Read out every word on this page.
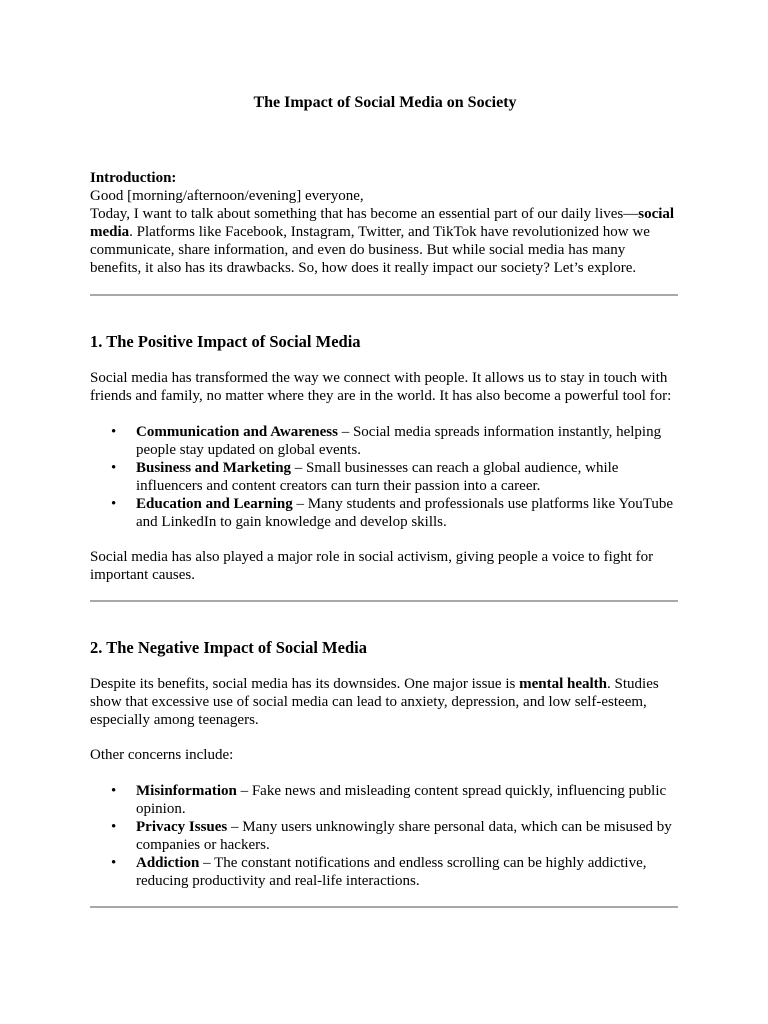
The Impact of Social Media on Society
Introduction:
Good [morning/afternoon/evening] everyone,
Today, I want to talk about something that has become an essential part of our daily lives—social media. Platforms like Facebook, Instagram, Twitter, and TikTok have revolutionized how we communicate, share information, and even do business. But while social media has many benefits, it also has its drawbacks. So, how does it really impact our society? Let’s explore.
1. The Positive Impact of Social Media

Social media has transformed the way we connect with people. It allows us to stay in touch with friends and family, no matter where they are in the world. It has also become a powerful tool for:

• Communication and Awareness – Social media spreads information instantly, helping people stay updated on global events.
• Business and Marketing – Small businesses can reach a global audience, while influencers and content creators can turn their passion into a career.
• Education and Learning – Many students and professionals use platforms like YouTube and LinkedIn to gain knowledge and develop skills.

Social media has also played a major role in social activism, giving people a voice to fight for important causes.

2. The Negative Impact of Social Media

Despite its benefits, social media has its downsides. One major issue is mental health. Studies show that excessive use of social media can lead to anxiety, depression, and low self-esteem, especially among teenagers.

Other concerns include:

• Misinformation – Fake news and misleading content spread quickly, influencing public opinion.
• Privacy Issues – Many users unknowingly share personal data, which can be misused by companies or hackers.
• Addiction – The constant notifications and endless scrolling can be highly addictive, reducing productivity and real-life interactions.
